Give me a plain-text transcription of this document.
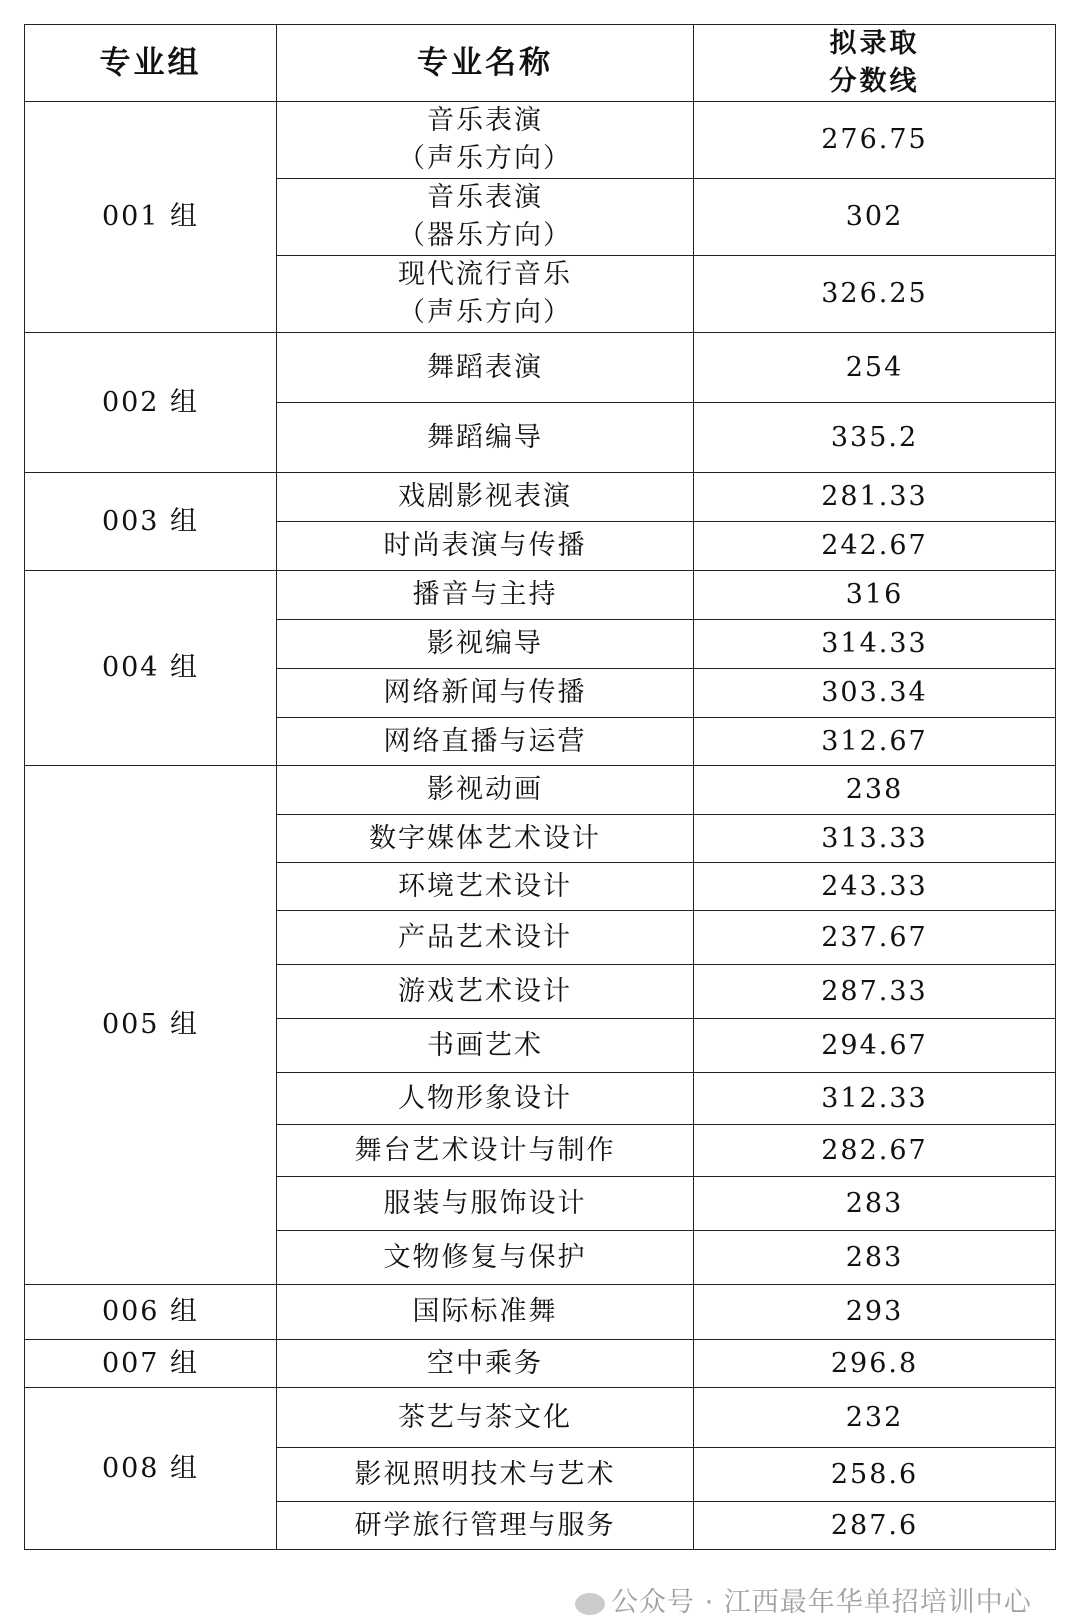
专业组	专业名称	拟录取
分数线

001 组	音乐表演
（声乐方向）	276.75

	音乐表演
（器乐方向）	302

	现代流行音乐
（声乐方向）	326.25
002 组	舞蹈表演	254

	舞蹈编导	335.2
003 组	戏剧影视表演	281.33

	时尚表演与传播	242.67
004 组	播音与主持	316

	影视编导	314.33

	网络新闻与传播	303.34

	网络直播与运营	312.67
005 组	影视动画	238

	数字媒体艺术设计	313.33

	环境艺术设计	243.33

	产品艺术设计	237.67

	游戏艺术设计	287.33

	书画艺术	294.67

	人物形象设计	312.33

	舞台艺术设计与制作	282.67

	服装与服饰设计	283

	文物修复与保护	283
006 组	国际标准舞	293
007 组	空中乘务	296.8
008 组	茶艺与茶文化	232

	影视照明技术与艺术	258.6

	研学旅行管理与服务	287.6
公众号 · 江西最年华单招培训中心
